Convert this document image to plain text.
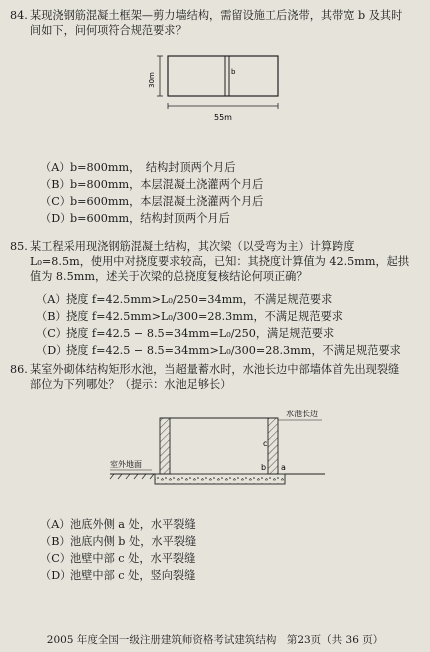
84. 某现浇钢筋混凝土框架—剪力墙结构，需留设施工后浇带，其带宽 b 及其时间如下，问何项符合规范要求？
b
30m
55m
（A）b=800mm，　结构封顶两个月后
（B）b=800mm，本层混凝土浇灌两个月后
（C）b=600mm，本层混凝土浇灌两个月后
（D）b=600mm，结构封顶两个月后
85. 某工程采用现浇钢筋混凝土结构，其次梁（以受弯为主）计算跨度 L₀=8.5m，使用中对挠度要求较高，已知：其挠度计算值为 42.5mm，起拱值为 8.5mm，述关于次梁的总挠度复核结论何项正确？
（A）挠度 f=42.5mm>L₀/250=34mm，不满足规范要求
（B）挠度 f=42.5mm>L₀/300=28.3mm，不满足规范要求
（C）挠度 f=42.5 − 8.5=34mm=L₀/250，满足规范要求
（D）挠度 f=42.5 − 8.5=34mm>L₀/300=28.3mm，不满足规范要求
86. 某室外砌体结构矩形水池，当超量蓄水时，水池长边中部墙体首先出现裂缝部位为下列哪处？（提示：水池足够长）
室外地面
水池长边
c
b a
（A）池底外侧 a 处，水平裂缝
（B）池底内侧 b 处，水平裂缝
（C）池壁中部 c 处，水平裂缝
（D）池壁中部 c 处，竖向裂缝
2005 年度全国一级注册建筑师资格考试建筑结构　第23页（共 36 页）
